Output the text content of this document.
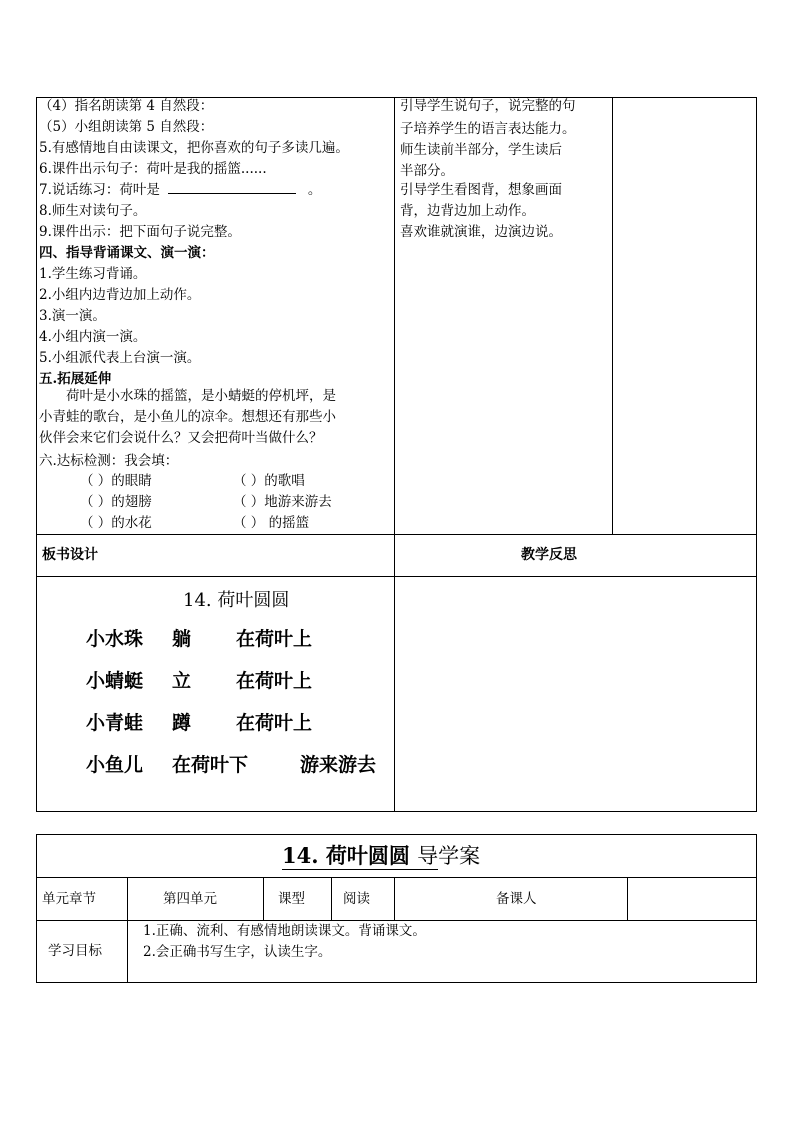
（4）指名朗读第 4 自然段：
（5）小组朗读第 5 自然段：
5.有感情地自由读课文，把你喜欢的句子多读几遍。
6.课件出示句子：荷叶是我的摇篮......
7.说话练习：荷叶是	。
8.师生对读句子。
9.课件出示：把下面句子说完整。
四、指导背诵课文、演一演：
1.学生练习背诵。
2.小组内边背边加上动作。
3.演一演。
4.小组内演一演。
5.小组派代表上台演一演。
五.拓展延伸
荷叶是小水珠的摇篮，是小蜻蜓的停机坪，是
小青蛙的歌台，是小鱼儿的凉伞。想想还有那些小
伙伴会来它们会说什么？又会把荷叶当做什么？
六.达标检测：我会填：
（ ）的眼睛	（ ）的歌唱
（ ）的翅膀	（ ）地游来游去
（ ）的水花	（ ） 的摇篮
引导学生说句子，说完整的句
子培养学生的语言表达能力。
师生读前半部分，学生读后
半部分。
引导学生看图背，想象画面
背，边背边加上动作。
喜欢谁就演谁，边演边说。
板书设计	教学反思
14. 荷叶圆圆
小水珠 躺 在荷叶上
小蜻蜓 立 在荷叶上
小青蛙 蹲 在荷叶上
小鱼儿 在荷叶下	游来游去
14. 荷叶圆圆 导学案
单元章节	第四单元	课型	阅读	备课人
学习目标
1.正确、流利、有感情地朗读课文。背诵课文。
2.会正确书写生字，认读生字。
